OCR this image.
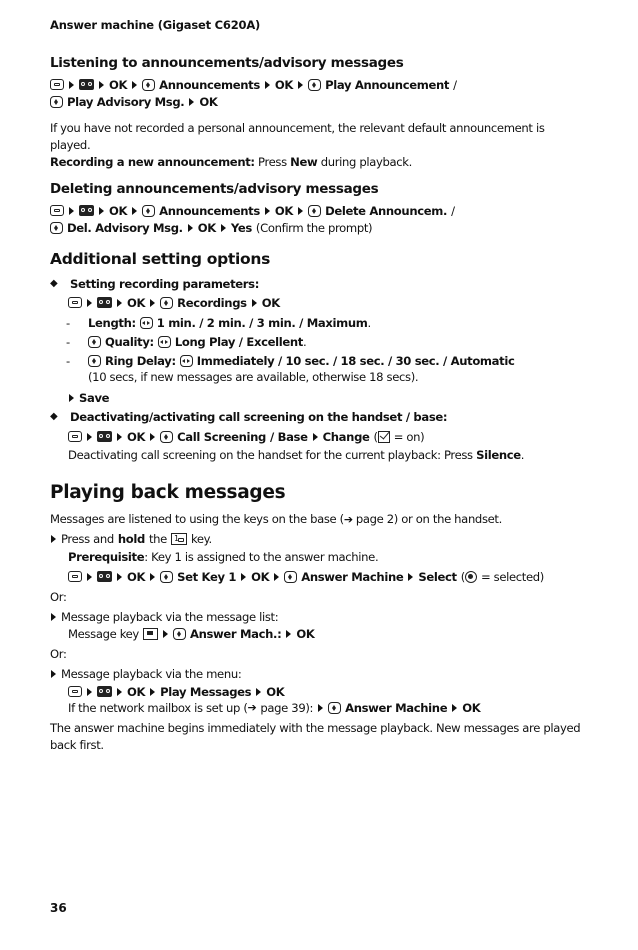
Answer machine (Gigaset C620A)
Listening to announcements/advisory messages
OK	Announcements OK	Play Announcement /
Play Advisory Msg. OK
If you have not recorded a personal announcement, the relevant default announcement is
played.
Recording a new announcement: Press New during playback.
Deleting announcements/advisory messages
OK	Announcements OK	Delete Announcem. /
Del. Advisory Msg. OK Yes (Confirm the prompt)
Additional setting options
◆	Setting recording parameters:
OK	Recordings OK
-	Length: 1 min. / 2 min. / 3 min. / Maximum .
-	Quality: Long Play / Excellent .
-	Ring Delay: Immediately / 10 sec. / 18 sec. / 30 sec. / Automatic
(10 secs, if new messages are available, otherwise 18 secs).
Save
◆	Deactivating/activating call screening on the handset / base:
OK	Call Screening / Base Change ( = on)
Deactivating call screening on the handset for the current playback: Press Silence.
Playing back messages
Messages are listened to using the keys on the base (➔ page 2) or on the handset.
Press and hold the 1	key.
Prerequisite: Key 1 is assigned to the answer machine.
OK	Set Key 1 OK	Answer Machine Select ( = selected)
Or:
Message playback via the message list:
Message key	Answer Mach.: OK
Or:
Message playback via the menu:
OK Play Messages OK
If the network mailbox is set up ( ➔ page 39):	Answer Machine OK
The answer machine begins immediately with the message playback. New messages are played
back first.
36
